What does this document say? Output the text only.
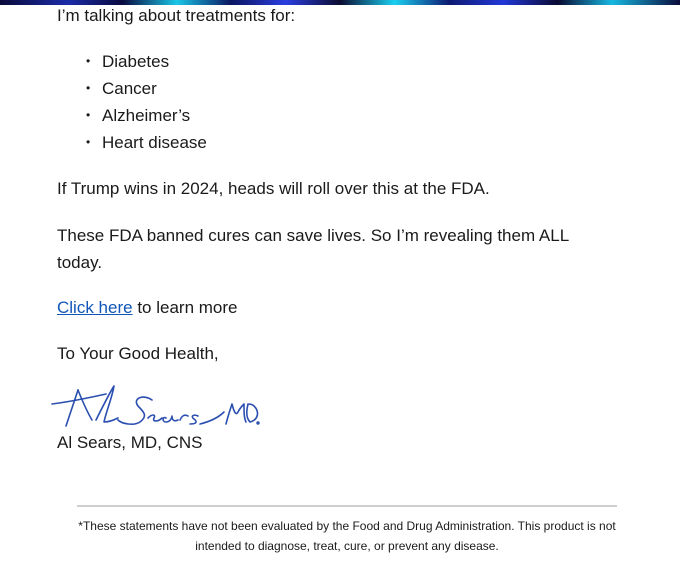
I’m talking about treatments for:

• Diabetes
• Cancer
• Alzheimer’s
• Heart disease

If Trump wins in 2024, heads will roll over this at the FDA.

These FDA banned cures can save lives. So I’m revealing them ALL today.

Click here to learn more

To Your Good Health,

Al Sears, MD.

Al Sears, MD, CNS

*These statements have not been evaluated by the Food and Drug Administration. This product is not intended to diagnose, treat, cure, or prevent any disease.
